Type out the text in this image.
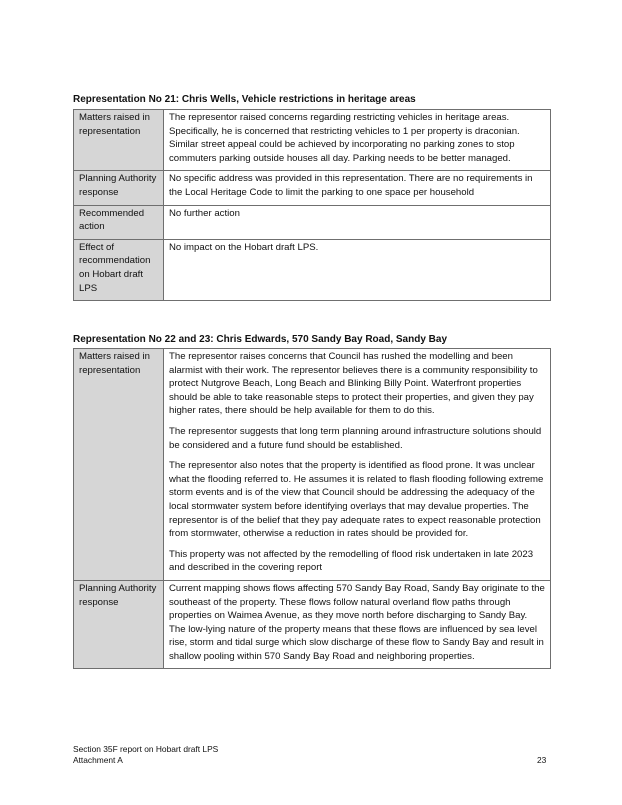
Representation No 21: Chris Wells, Vehicle restrictions in heritage areas
Matters raised in representation	The representor raised concerns regarding restricting vehicles in heritage areas. Specifically, he is concerned that restricting vehicles to 1 per property is draconian. Similar street appeal could be achieved by incorporating no parking zones to stop commuters parking outside houses all day. Parking needs to be better managed.

Planning Authority response	No specific address was provided in this representation. There are no requirements in the Local Heritage Code to limit the parking to one space per household

Recommended action	No further action

Effect of recommendation on Hobart draft LPS	No impact on the Hobart draft LPS.

Representation No 22 and 23: Chris Edwards, 570 Sandy Bay Road, Sandy Bay
Matters raised in representation	The representor raises concerns that Council has rushed the modelling and been alarmist with their work. The representor believes there is a community responsibility to protect Nutgrove Beach, Long Beach and Blinking Billy Point. Waterfront properties should be able to take reasonable steps to protect their properties, and given they pay higher rates, there should be help available for them to do this.

The representor suggests that long term planning around infrastructure solutions should be considered and a future fund should be established.

The representor also notes that the property is identified as flood prone. It was unclear what the flooding referred to. He assumes it is related to flash flooding following extreme storm events and is of the view that Council should be addressing the adequacy of the local stormwater system before identifying overlays that may devalue properties. The representor is of the belief that they pay adequate rates to expect reasonable protection from stormwater, otherwise a reduction in rates should be provided for.

This property was not affected by the remodelling of flood risk undertaken in late 2023 and described in the covering report

Planning Authority response	Current mapping shows flows affecting 570 Sandy Bay Road, Sandy Bay originate to the southeast of the property. These flows follow natural overland flow paths through properties on Waimea Avenue, as they move north before discharging to Sandy Bay. The low-lying nature of the property means that these flows are influenced by sea level rise, storm and tidal surge which slow discharge of these flow to Sandy Bay and result in shallow pooling within 570 Sandy Bay Road and neighboring properties.

Section 35F report on Hobart draft LPS
Attachment A	23
